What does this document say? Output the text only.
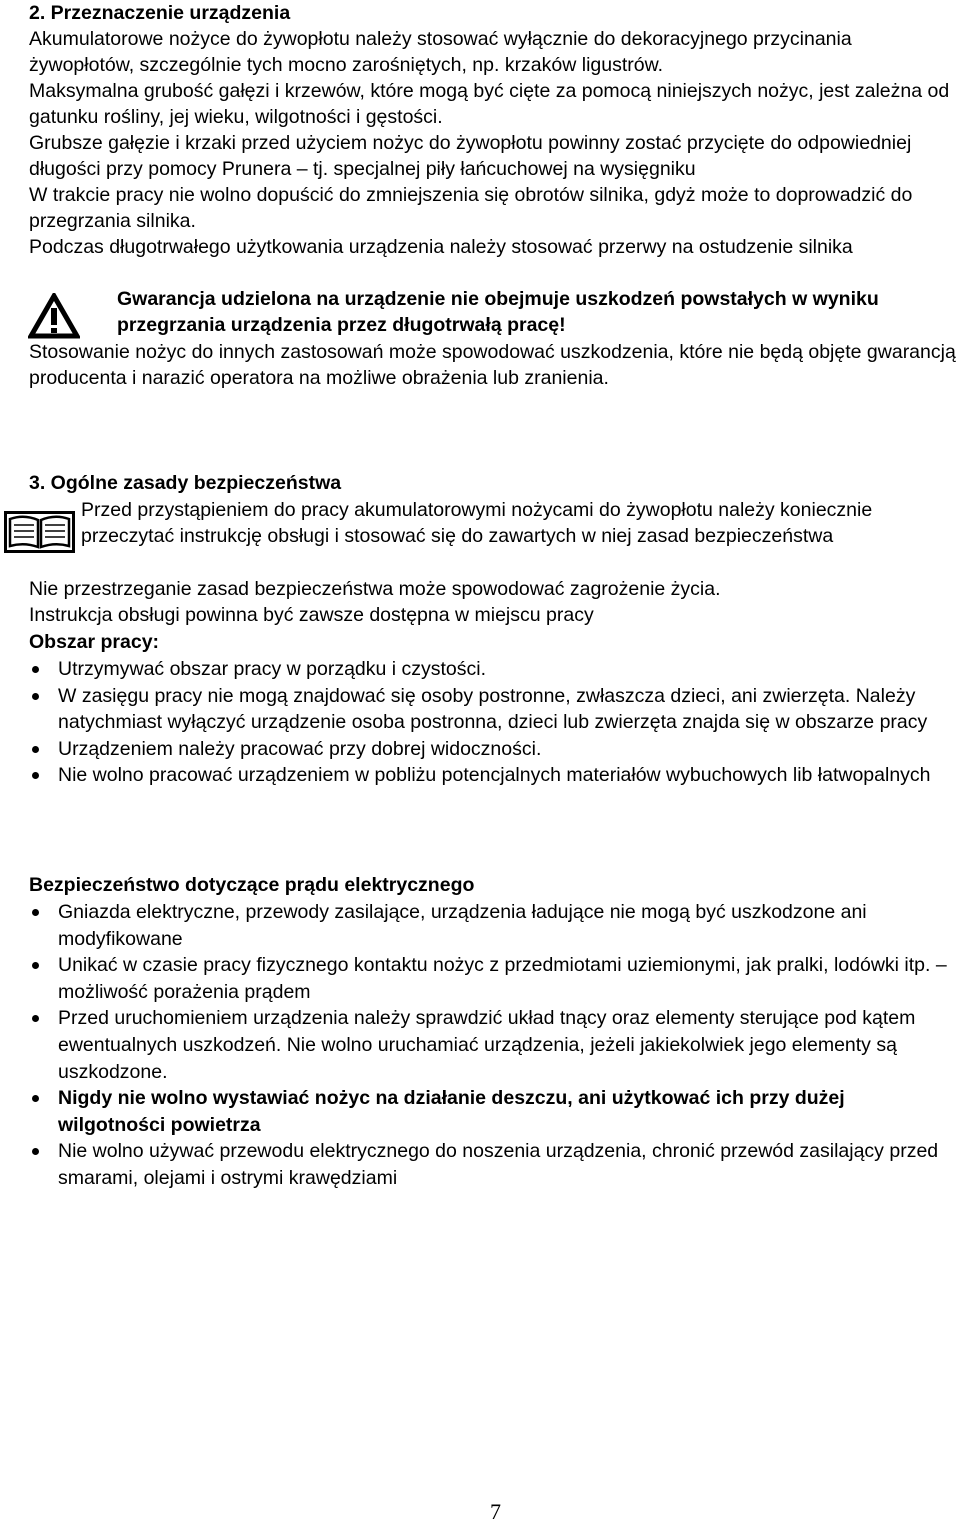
2. Przeznaczenie urządzenia

Akumulatorowe nożyce do żywopłotu należy stosować wyłącznie do dekoracyjnego przycinania żywopłotów, szczególnie tych mocno zarośniętych, np. krzaków ligustrów.

Maksymalna grubość gałęzi i krzewów, które mogą być cięte za pomocą niniejszych nożyc, jest zależna od gatunku rośliny, jej wieku, wilgotności i gęstości.

Grubsze gałęzie i krzaki przed użyciem nożyc do żywopłotu powinny zostać przycięte do odpowiedniej długości przy pomocy Prunera – tj. specjalnej piły łańcuchowej na wysięgniku

W trakcie pracy nie wolno dopuścić do zmniejszenia się obrotów silnika, gdyż może to doprowadzić do przegrzania silnika.

Podczas długotrwałego użytkowania urządzenia należy stosować przerwy na ostudzenie silnika

Gwarancja udzielona na urządzenie nie obejmuje uszkodzeń powstałych w wyniku przegrzania urządzenia przez długotrwałą pracę!

Stosowanie nożyc do innych zastosowań może spowodować uszkodzenia, które nie będą objęte gwarancją producenta i narazić operatora na możliwe obrażenia lub zranienia.

3. Ogólne zasady bezpieczeństwa

Przed przystąpieniem do pracy akumulatorowymi nożycami do żywopłotu należy koniecznie przeczytać instrukcję obsługi i stosować się do zawartych w niej zasad bezpieczeństwa

Nie przestrzeganie zasad bezpieczeństwa może spowodować zagrożenie życia.

Instrukcja obsługi powinna być zawsze dostępna w miejscu pracy

Obszar pracy:

Utrzymywać obszar pracy w porządku i czystości.
W zasięgu pracy nie mogą znajdować się osoby postronne, zwłaszcza dzieci, ani zwierzęta. Należy natychmiast wyłączyć urządzenie osoba postronna, dzieci lub zwierzęta znajda się w obszarze pracy
Urządzeniem należy pracować przy dobrej widoczności.
Nie wolno pracować urządzeniem w pobliżu potencjalnych materiałów wybuchowych lib łatwopalnych

Bezpieczeństwo dotyczące prądu elektrycznego

Gniazda elektryczne, przewody zasilające, urządzenia ładujące nie mogą być uszkodzone ani modyfikowane
Unikać w czasie pracy fizycznego kontaktu nożyc z przedmiotami uziemionymi, jak pralki, lodówki itp. – możliwość porażenia prądem
Przed uruchomieniem urządzenia należy sprawdzić układ tnący oraz elementy sterujące pod kątem ewentualnych uszkodzeń. Nie wolno uruchamiać urządzenia, jeżeli jakiekolwiek jego elementy są uszkodzone.
Nigdy nie wolno wystawiać nożyc na działanie deszczu, ani użytkować ich przy dużej wilgotności powietrza
Nie wolno używać przewodu elektrycznego do noszenia urządzenia, chronić przewód zasilający przed smarami, olejami i ostrymi krawędziami
7
